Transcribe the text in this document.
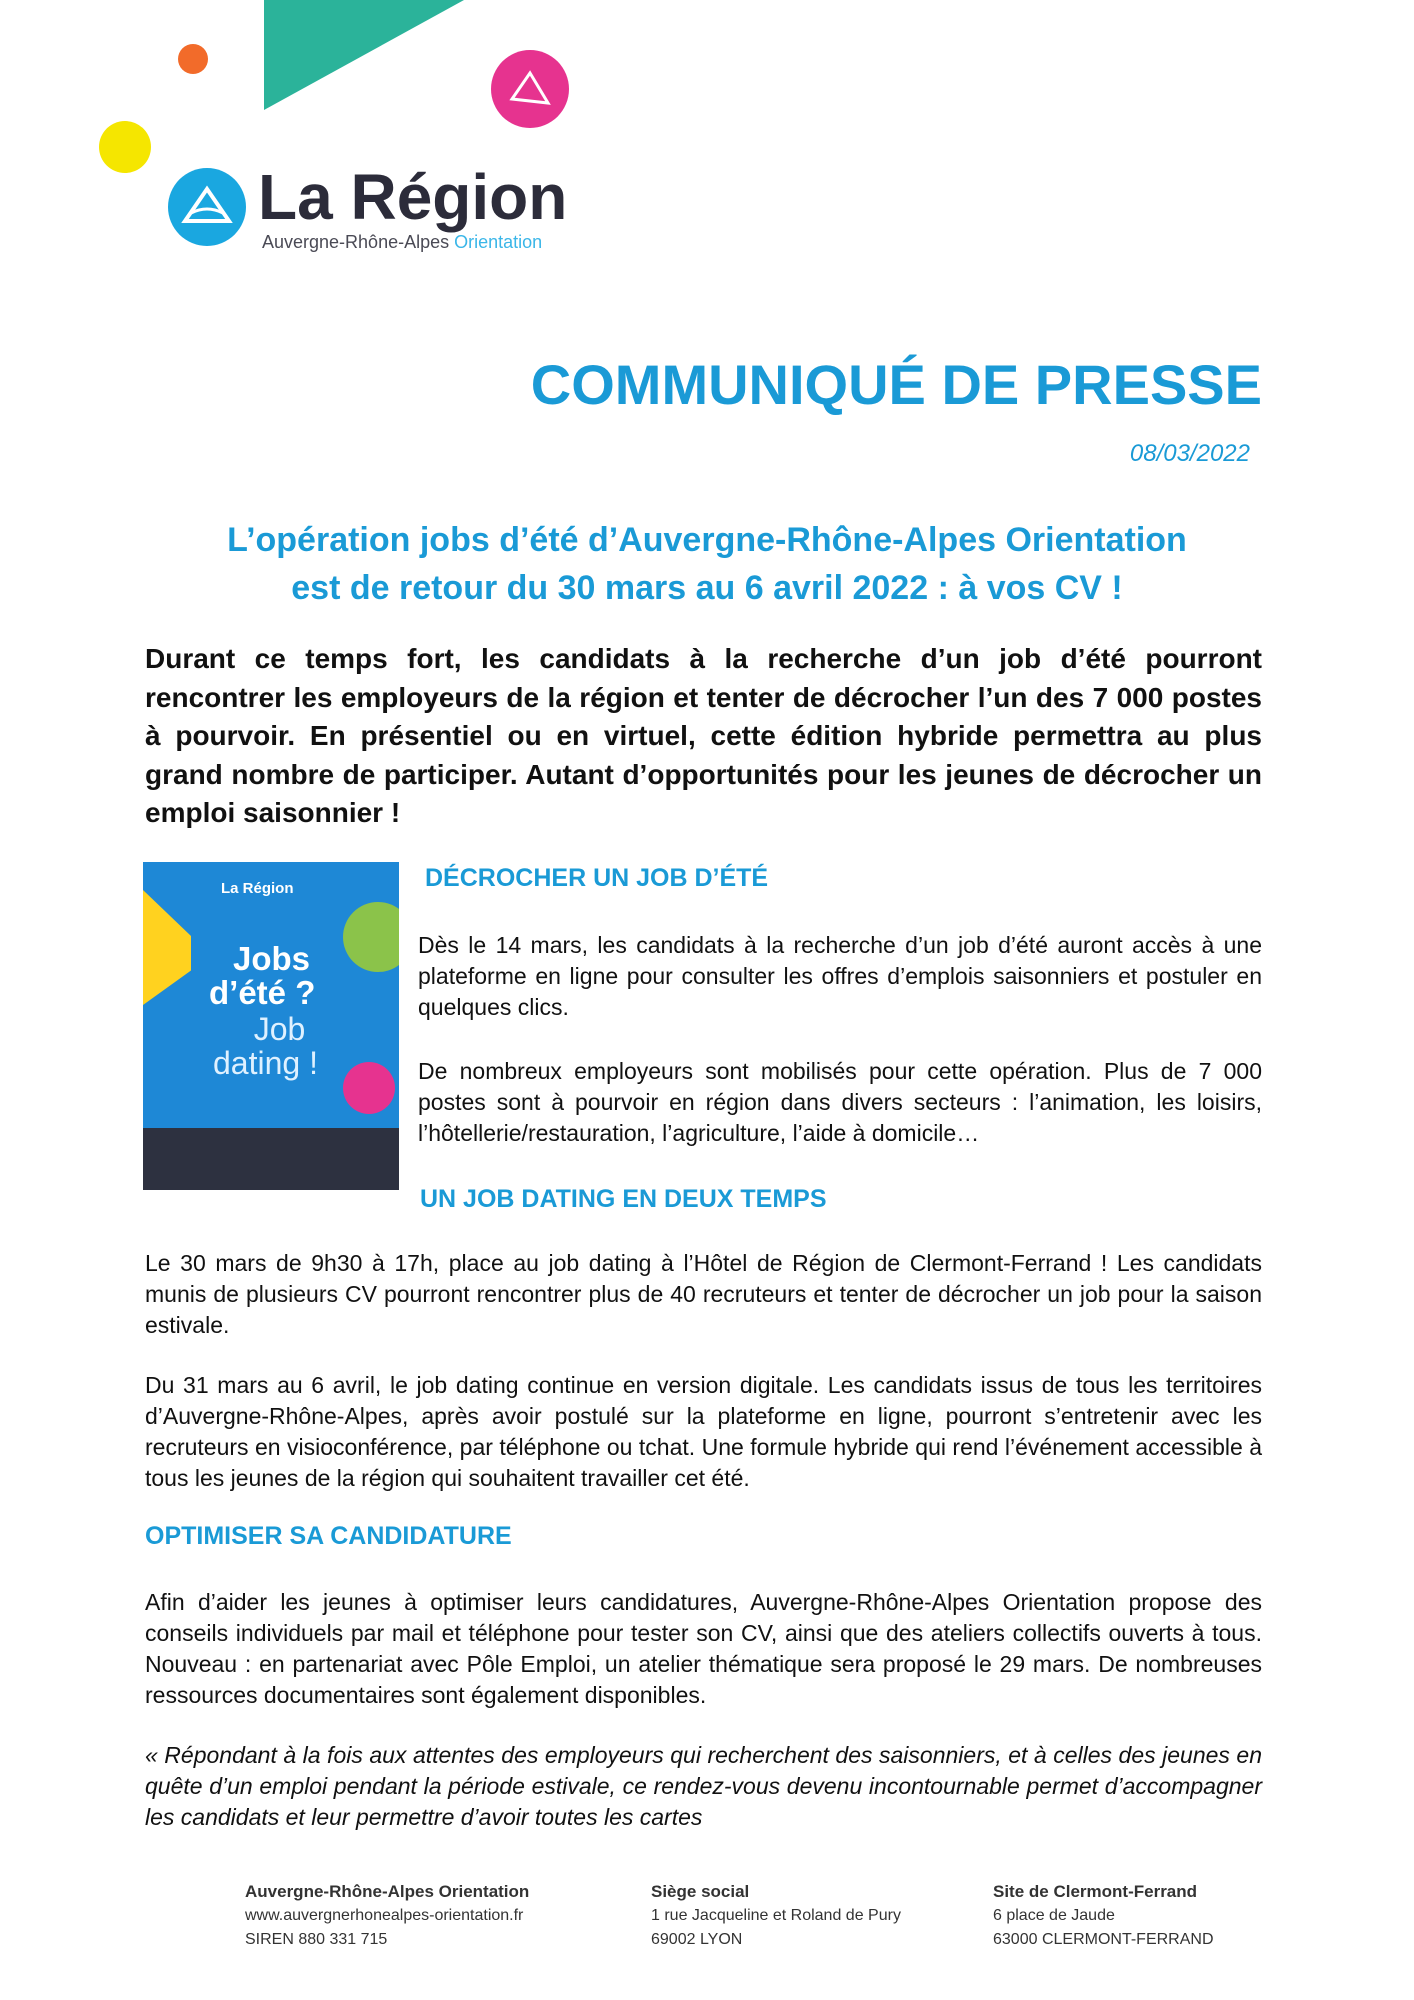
La Région
Auvergne-Rhône-Alpes Orientation
COMMUNIQUÉ DE PRESSE
08/03/2022
L’opération jobs d’été d’Auvergne-Rhône-Alpes Orientation
est de retour du 30 mars au 6 avril 2022 : à vos CV !
Durant ce temps fort, les candidats à la recherche d’un job d’été pourront rencontrer les employeurs de la région et tenter de décrocher l’un des 7 000 postes à pourvoir. En présentiel ou en virtuel, cette édition hybride permettra au plus grand nombre de participer. Autant d’opportunités pour les jeunes de décrocher un emploi saisonnier !
La Région
Jobs
d’été ?
Job
dating !
DÉCROCHER UN JOB D’ÉTÉ
Dès le 14 mars, les candidats à la recherche d’un job d’été auront accès à une plateforme en ligne pour consulter les offres d’emplois saisonniers et postuler en quelques clics.
De nombreux employeurs sont mobilisés pour cette opération. Plus de 7 000 postes sont à pourvoir en région dans divers secteurs : l’animation, les loisirs, l’hôtellerie/restauration, l’agriculture, l’aide à domicile…
UN JOB DATING EN DEUX TEMPS
Le 30 mars de 9h30 à 17h, place au job dating à l’Hôtel de Région de Clermont-Ferrand ! Les candidats munis de plusieurs CV pourront rencontrer plus de 40 recruteurs et tenter de décrocher un job pour la saison estivale.
Du 31 mars au 6 avril, le job dating continue en version digitale. Les candidats issus de tous les territoires d’Auvergne-Rhône-Alpes, après avoir postulé sur la plateforme en ligne, pourront s’entretenir avec les recruteurs en visioconférence, par téléphone ou tchat. Une formule hybride qui rend l’événement accessible à tous les jeunes de la région qui souhaitent travailler cet été.
OPTIMISER SA CANDIDATURE
Afin d’aider les jeunes à optimiser leurs candidatures, Auvergne-Rhône-Alpes Orientation propose des conseils individuels par mail et téléphone pour tester son CV, ainsi que des ateliers collectifs ouverts à tous. Nouveau : en partenariat avec Pôle Emploi, un atelier thématique sera proposé le 29 mars. De nombreuses ressources documentaires sont également disponibles.
« Répondant à la fois aux attentes des employeurs qui recherchent des saisonniers, et à celles des jeunes en quête d’un emploi pendant la période estivale, ce rendez-vous devenu incontournable permet d’accompagner les candidats et leur permettre d’avoir toutes les cartes
Auvergne-Rhône-Alpes Orientation
www.auvergnerhonealpes-orientation.fr
SIREN 880 331 715
Siège social
1 rue Jacqueline et Roland de Pury
69002 LYON
Site de Clermont-Ferrand
6 place de Jaude
63000 CLERMONT-FERRAND
